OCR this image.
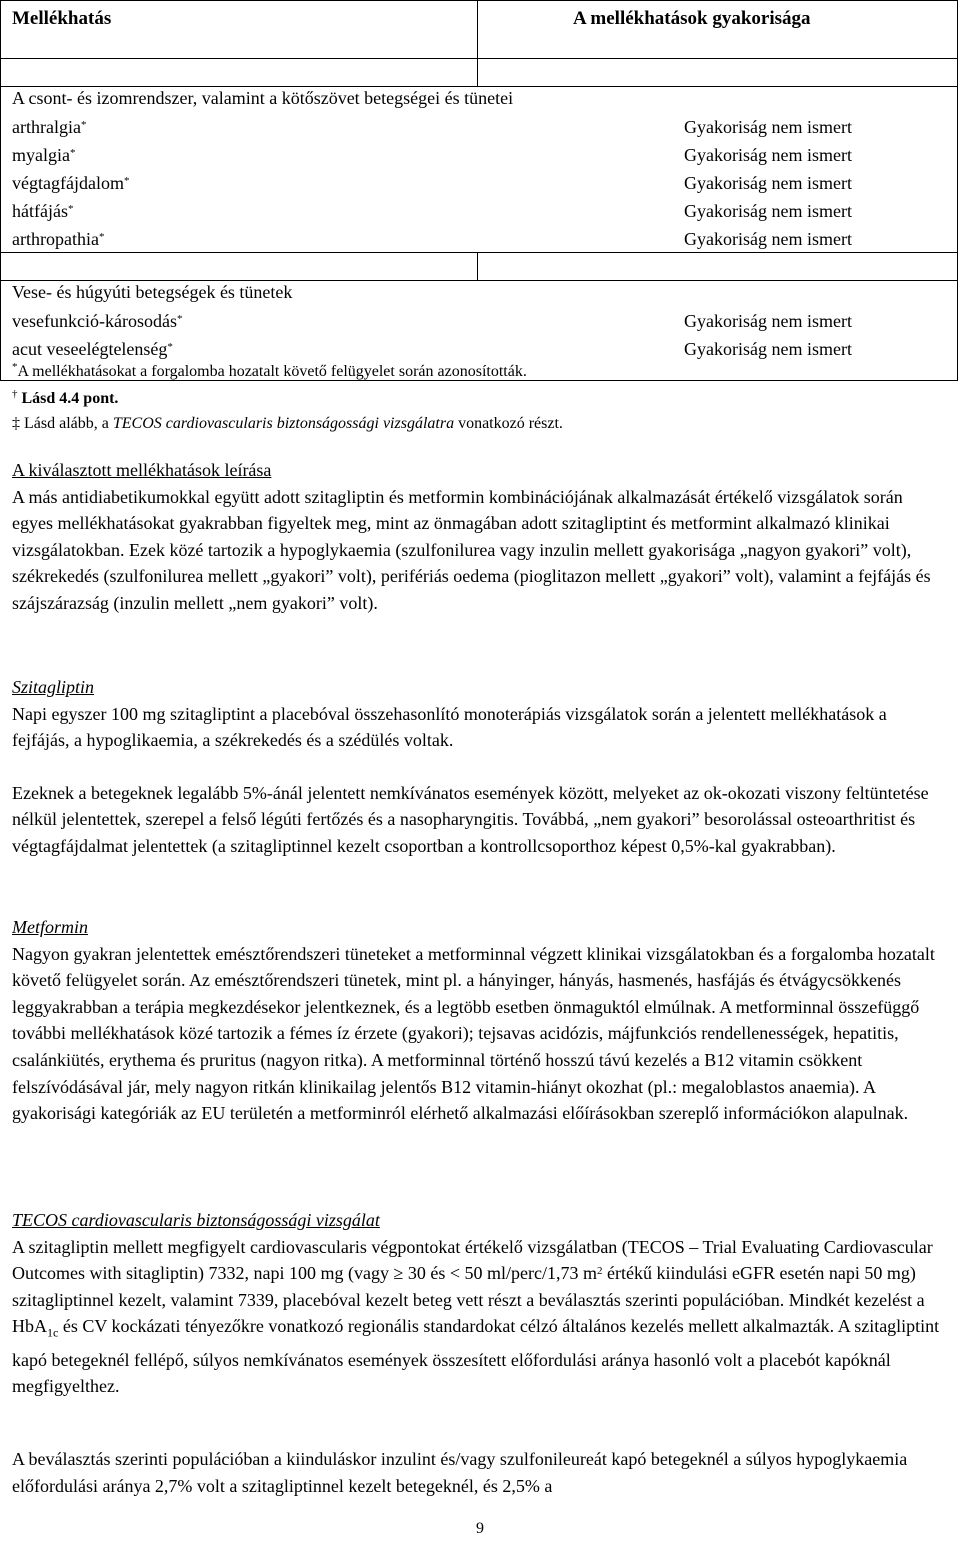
Mellékhatás	A mellékhatások gyakorisága
A csont- és izomrendszer, valamint a kötőszövet betegségei és tünetei
arthralgia*	Gyakoriság nem ismert
myalgia*	Gyakoriság nem ismert
végtagfájdalom*	Gyakoriság nem ismert
hátfájás*	Gyakoriság nem ismert
arthropathia*	Gyakoriság nem ismert
Vese- és húgyúti betegségek és tünetek
vesefunkció-károsodás*	Gyakoriság nem ismert
acut veseelégtelenség*	Gyakoriság nem ismert
*A mellékhatásokat a forgalomba hozatalt követő felügyelet során azonosították.
† Lásd 4.4 pont.
‡ Lásd alább, a TECOS cardiovascularis biztonságossági vizsgálatra vonatkozó részt.

A kiválasztott mellékhatások leírása

A más antidiabetikumokkal együtt adott szitagliptin és metformin kombinációjának alkalmazását értékelő vizsgálatok során egyes mellékhatásokat gyakrabban figyeltek meg, mint az önmagában adott szitagliptint és metformint alkalmazó klinikai vizsgálatokban. Ezek közé tartozik a hypoglykaemia (szulfonilurea vagy inzulin mellett gyakorisága „nagyon gyakori” volt), székrekedés (szulfonilurea mellett „gyakori” volt), perifériás oedema (pioglitazon mellett „gyakori” volt), valamint a fejfájás és szájszárazság (inzulin mellett „nem gyakori” volt).

Szitagliptin

Napi egyszer 100 mg szitagliptint a placebóval összehasonlító monoterápiás vizsgálatok során a jelentett mellékhatások a fejfájás, a hypoglikaemia, a székrekedés és a szédülés voltak.

Ezeknek a betegeknek legalább 5%-ánál jelentett nemkívánatos események között, melyeket az ok-okozati viszony feltüntetése nélkül jelentettek, szerepel a felső légúti fertőzés és a nasopharyngitis. Továbbá, „nem gyakori” besorolással osteoarthritist és végtagfájdalmat jelentettek (a szitagliptinnel kezelt csoportban a kontrollcsoporthoz képest 0,5%-kal gyakrabban).

Metformin

Nagyon gyakran jelentettek emésztőrendszeri tüneteket a metforminnal végzett klinikai vizsgálatokban és a forgalomba hozatalt követő felügyelet során. Az emésztőrendszeri tünetek, mint pl. a hányinger, hányás, hasmenés, hasfájás és étvágycsökkenés leggyakrabban a terápia megkezdésekor jelentkeznek, és a legtöbb esetben önmaguktól elmúlnak. A metforminnal összefüggő további mellékhatások közé tartozik a fémes íz érzete (gyakori); tejsavas acidózis, májfunkciós rendellenességek, hepatitis, csalánkiütés, erythema és pruritus (nagyon ritka). A metforminnal történő hosszú távú kezelés a B12 vitamin csökkent felszívódásával jár, mely nagyon ritkán klinikailag jelentős B12 vitamin-hiányt okozhat (pl.: megaloblastos anaemia). A gyakorisági kategóriák az EU területén a metforminról elérhető alkalmazási előírásokban szereplő információkon alapulnak.

TECOS cardiovascularis biztonságossági vizsgálat

A szitagliptin mellett megfigyelt cardiovascularis végpontokat értékelő vizsgálatban (TECOS – Trial Evaluating Cardiovascular Outcomes with sitagliptin) 7332, napi 100 mg (vagy ≥ 30 és < 50 ml/perc/1,73 $m^2$ értékű kiindulási eGFR esetén napi 50 mg) szitagliptinnel kezelt, valamint 7339, placebóval kezelt beteg vett részt a beválasztás szerinti populációban. Mindkét kezelést a HbA$_{1c}$ és CV kockázati tényezőkre vonatkozó regionális standardokat célzó általános kezelés mellett alkalmazták. A szitagliptint kapó betegeknél fellépő, súlyos nemkívánatos események összesített előfordulási aránya hasonló volt a placebót kapóknál megfigyelthez.

A beválasztás szerinti populációban a kiinduláskor inzulint és/vagy szulfonileureát kapó betegeknél a súlyos hypoglykaemia előfordulási aránya 2,7% volt a szitagliptinnel kezelt betegeknél, és 2,5% a

9
